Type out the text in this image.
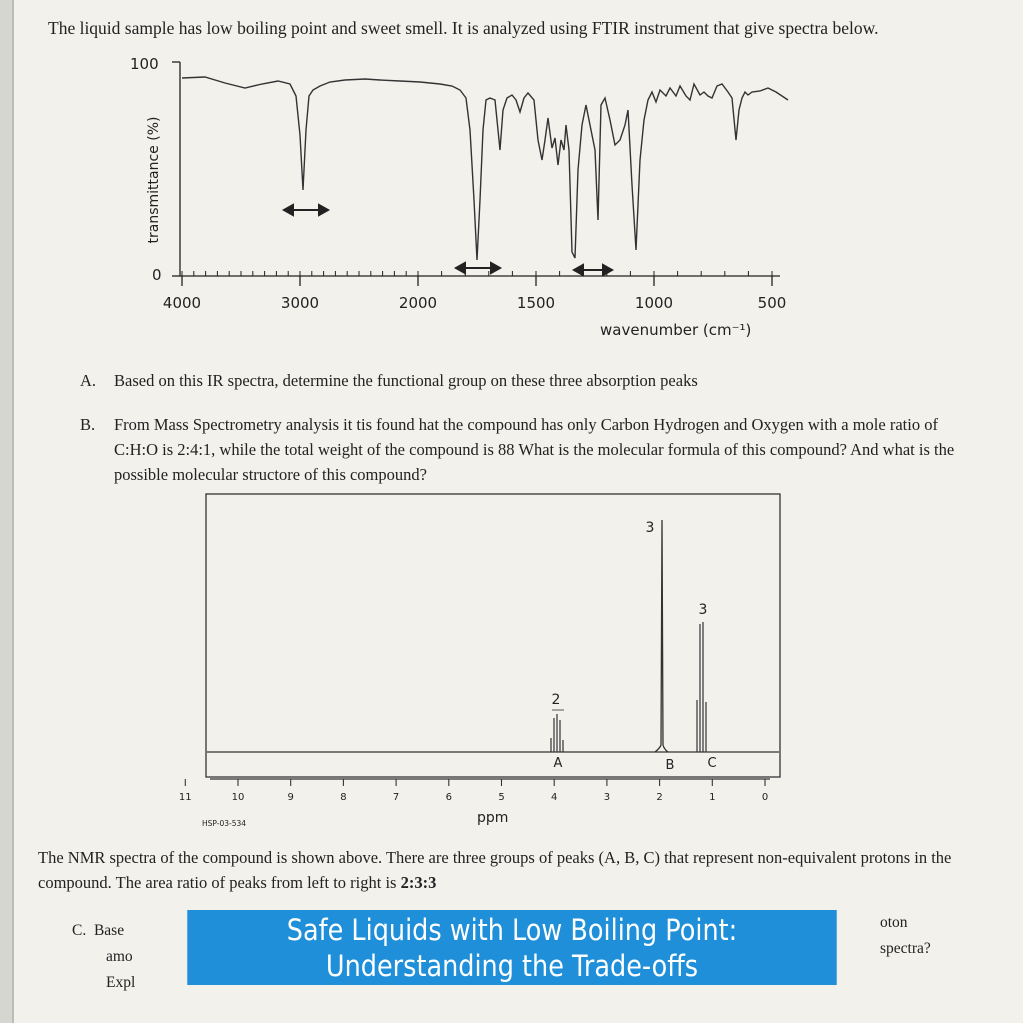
The liquid sample has low boiling point and sweet smell. It is analyzed using FTIR instrument that give spectra below.
transmittance (%)
100
0
4000	3000	2000	1500	1000	500
wavenumber (cm⁻¹)
A. Based on this IR spectra, determine the functional group on these three absorption peaks
B. From Mass Spectrometry analysis it tis found hat the compound has only Carbon Hydrogen and Oxygen with a mole ratio of C:H:O is 2:4:1, while the total weight of the compound is 88 What is the molecular formula of this compound? And what is the possible molecular structore of this compound?
2
3
3
A	B	C
11	10	9	8	7	6	5	4	3	2	1	0
HSP-03-534	ppm
The NMR spectra of the compound is shown above. There are three groups of peaks (A, B, C) that represent non-equivalent protons in the compound. The area ratio of peaks from left to right is 2:3:3
C. Base
amo
Expl
oton
spectra?
Safe Liquids with Low Boiling Point:
Understanding the Trade-offs
